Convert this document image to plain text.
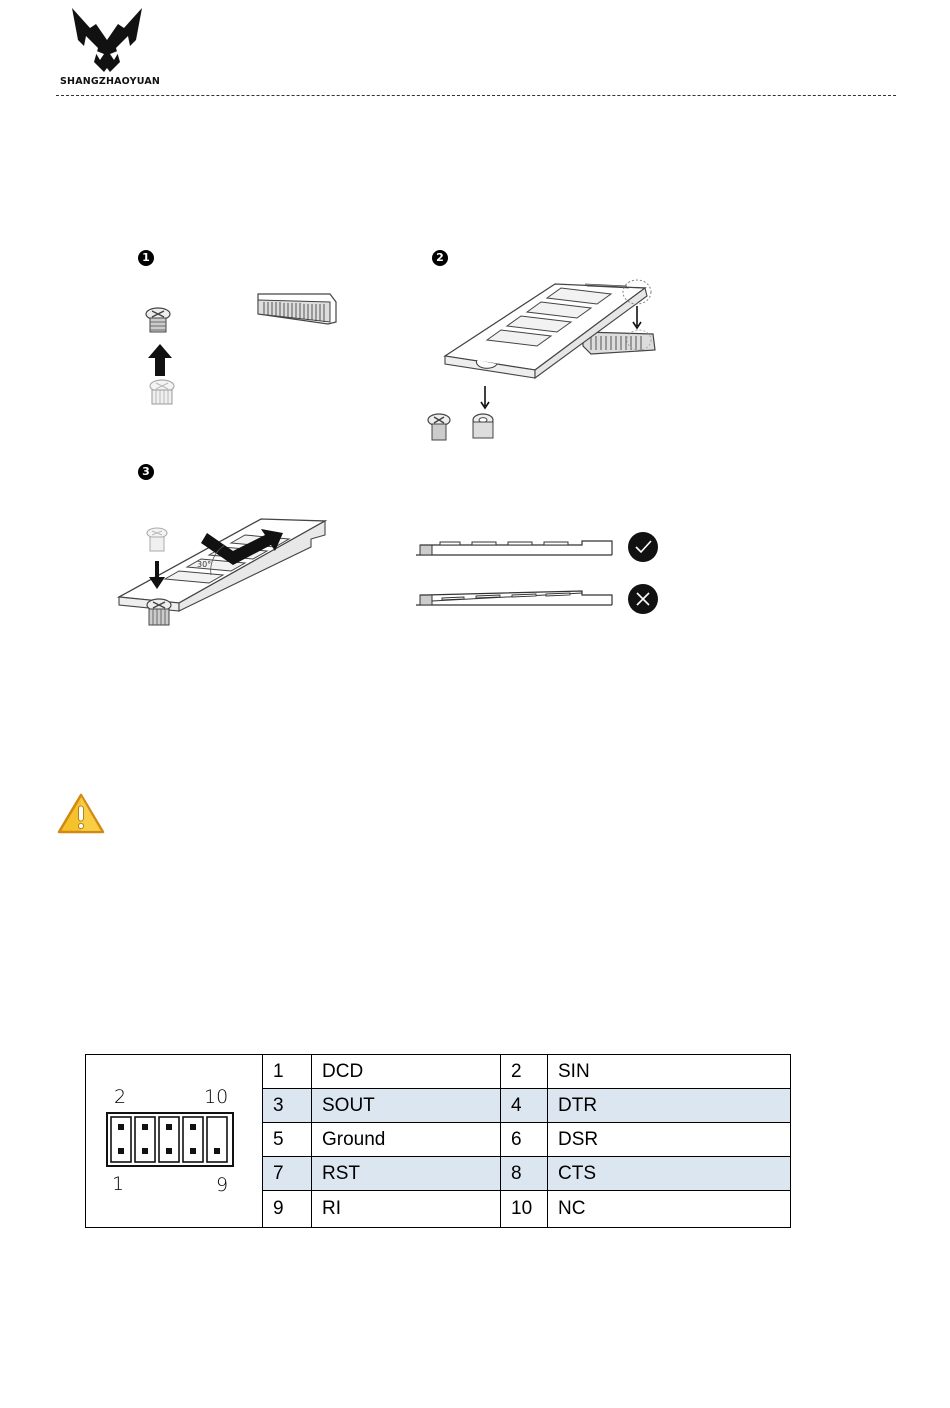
SHANGZHAOYUAN
1	2
3
30°
2 10
1 9	1	DCD	2	SIN
	3	SOUT	4	DTR
	5	Ground	6	DSR
	7	RST	8	CTS
	9	RI	10	NC
